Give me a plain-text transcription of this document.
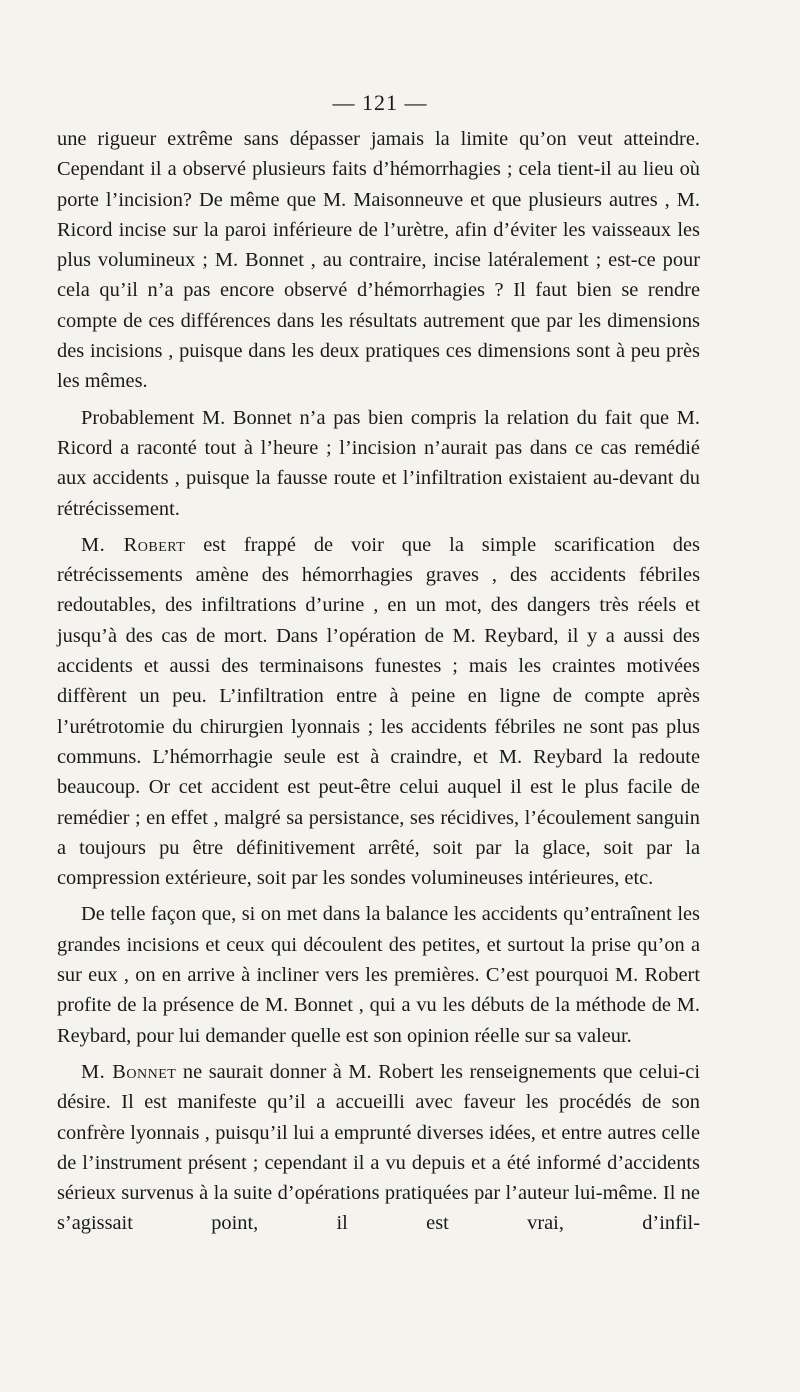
— 121 —

une rigueur extrême sans dépasser jamais la limite qu’on veut atteindre. Cependant il a observé plusieurs faits d’hémorrhagies ; cela tient-il au lieu où porte l’incision? De même que M. Maisonneuve et que plusieurs autres , M. Ricord incise sur la paroi inférieure de l’urètre, afin d’éviter les vaisseaux les plus volumineux ; M. Bonnet , au contraire, incise latéralement ; est-ce pour cela qu’il n’a pas encore observé d’hémorrhagies ? Il faut bien se rendre compte de ces différences dans les résultats autrement que par les dimensions des incisions , puisque dans les deux pratiques ces dimensions sont à peu près les mêmes.

Probablement M. Bonnet n’a pas bien compris la relation du fait que M. Ricord a raconté tout à l’heure ; l’incision n’aurait pas dans ce cas remédié aux accidents , puisque la fausse route et l’infiltration existaient au-devant du rétrécissement.

M. Robert est frappé de voir que la simple scarification des rétrécissements amène des hémorrhagies graves , des accidents fébriles redoutables, des infiltrations d’urine , en un mot, des dangers très réels et jusqu’à des cas de mort. Dans l’opération de M. Reybard, il y a aussi des accidents et aussi des terminaisons funestes ; mais les craintes motivées diffèrent un peu. L’infiltration entre à peine en ligne de compte après l’urétrotomie du chirurgien lyonnais ; les accidents fébriles ne sont pas plus communs. L’hémorrhagie seule est à craindre, et M. Reybard la redoute beaucoup. Or cet accident est peut-être celui auquel il est le plus facile de remédier ; en effet , malgré sa persistance, ses récidives, l’écoulement sanguin a toujours pu être définitivement arrêté, soit par la glace, soit par la compression extérieure, soit par les sondes volumineuses intérieures, etc.

De telle façon que, si on met dans la balance les accidents qu’entraînent les grandes incisions et ceux qui découlent des petites, et surtout la prise qu’on a sur eux , on en arrive à incliner vers les premières. C’est pourquoi M. Robert profite de la présence de M. Bonnet , qui a vu les débuts de la méthode de M. Reybard, pour lui demander quelle est son opinion réelle sur sa valeur.

M. Bonnet ne saurait donner à M. Robert les renseignements que celui-ci désire. Il est manifeste qu’il a accueilli avec faveur les procédés de son confrère lyonnais , puisqu’il lui a emprunté diverses idées, et entre autres celle de l’instrument présent ; cependant il a vu depuis et a été informé d’accidents sérieux survenus à la suite d’opérations pratiquées par l’auteur lui-même. Il ne s’agissait point, il est vrai, d’infil-
